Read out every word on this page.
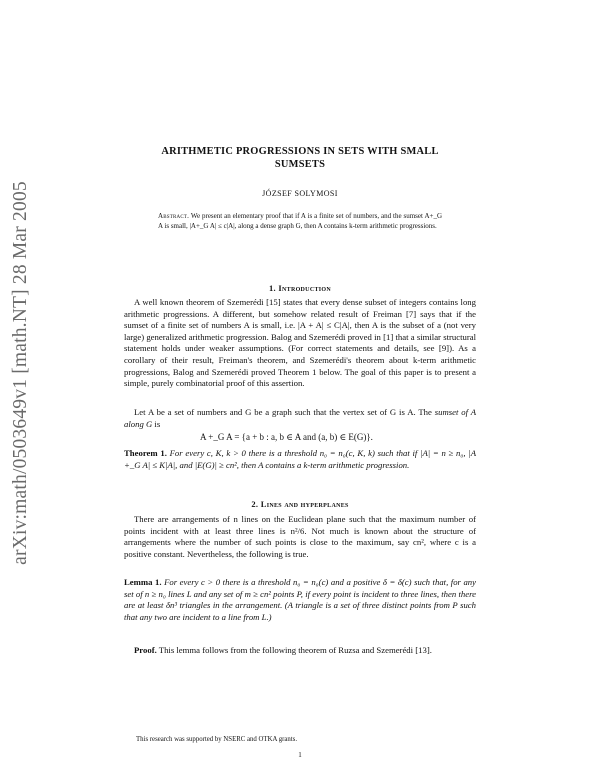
arXiv:math/0503649v1 [math.NT] 28 Mar 2005
ARITHMETIC PROGRESSIONS IN SETS WITH SMALL
SUMSETS

JÓZSEF SOLYMOSI

Abstract. We present an elementary proof that if A is a finite set of numbers, and the sumset A+_G A is small, |A+_G A| ≤ c|A|, along a dense graph G, then A contains k-term arithmetic progressions.

1. Introduction

A well known theorem of Szemerédi [15] states that every dense subset of integers contains long arithmetic progressions. A different, but somehow related result of Freiman [7] says that if the sumset of a finite set of numbers A is small, i.e. |A + A| ≤ C|A|, then A is the subset of a (not very large) generalized arithmetic progression. Balog and Szemerédi proved in [1] that a similar structural statement holds under weaker assumptions. (For correct statements and details, see [9]). As a corollary of their result, Freiman's theorem, and Szemerédi's theorem about k-term arithmetic progressions, Balog and Szemerédi proved Theorem 1 below. The goal of this paper is to present a simple, purely combinatorial proof of this assertion.

Let A be a set of numbers and G be a graph such that the vertex set of G is A. The sumset of A along G is

A +_G A = {a + b : a, b ∈ A and (a, b) ∈ E(G)}.

Theorem 1. For every c, K, k > 0 there is a threshold n₀ = n₀(c, K, k) such that if |A| = n ≥ n₀, |A +_G A| ≤ K|A|, and |E(G)| ≥ cn², then A contains a k-term arithmetic progression.

2. Lines and hyperplanes

There are arrangements of n lines on the Euclidean plane such that the maximum number of points incident with at least three lines is n²/6. Not much is known about the structure of arrangements where the number of such points is close to the maximum, say cn², where c is a positive constant. Nevertheless, the following is true.

Lemma 1. For every c > 0 there is a threshold n₀ = n₀(c) and a positive δ = δ(c) such that, for any set of n ≥ n₀ lines L and any set of m ≥ cn² points P, if every point is incident to three lines, then there are at least δn³ triangles in the arrangement. (A triangle is a set of three distinct points from P such that any two are incident to a line from L.)

Proof. This lemma follows from the following theorem of Ruzsa and Szemerédi [13].

This research was supported by NSERC and OTKA grants.

1
